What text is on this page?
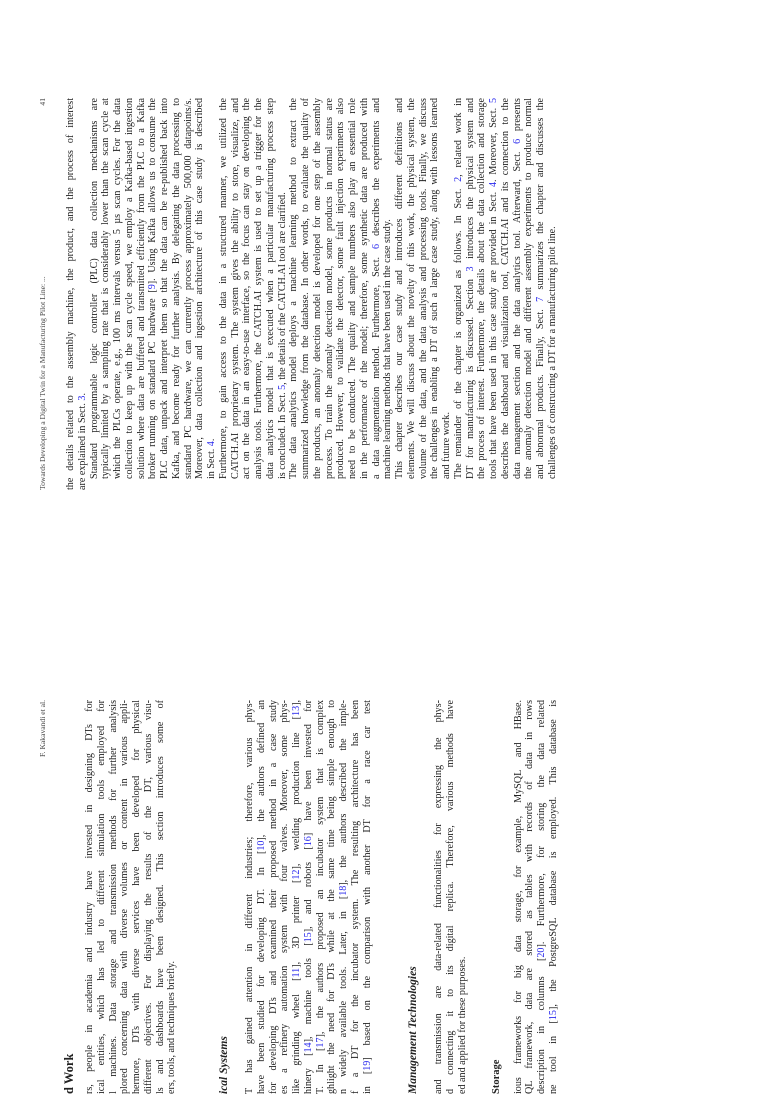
F. Kakavandi et al.
d Work rs, people in academia and industry have invested in designing DTs for ical entities, which has led to different simulation tools employed for l machines. Data storage and transmission methods for further analysis plored concerning data with diverse volumes or content in various appli- hermore, DTs with diverse services have been developed for physical different objectives. For displaying the results of the DT, various visu- ls and dashboards have been designed. This section introduces some of ers, tools, and techniques briefly.	ical Systems T has gained attention in different industries; therefore, various phys- have been studied for developing DT. In [10], the authors defined an for developing DTs and examined their proposed method in a case study es a refinery automation system with four valves. Moreover, some phys- like grinding wheel [11], 3D printer [12], welding production line [13],
hinery [14], machine tools [15], and robots [16] have been invested for
T. In [17], the authors proposed an incubator system that is complex ghlight the need for DTs while at the same time being simple enough to n widely available tools. Later, in [18], the authors described the imple- f a DT for the incubator system. The resulting architecture has been in [19] based on the comparison with another DT for a race car test	Management Technologies and transmission are data-related functionalities for expressing the phys- d connecting it to its digital replica. Therefore, various methods have ed and applied for these purposes. Storage ious frameworks for big data storage, for example, MySQL and HBase. QL framework, data are stored as tables with records of data in rows description in columns [20]. Furthermore, for storing the data related
ne tool in [15], the PostgreSQL database is employed. This database is

Towards Developing a Digital Twin for a Manufacturing Pilot Line: ...
41 the details related to the assembly machine, the product, and the process of interest are explained in Sect. 3. Standard programmable logic controller (PLC) data collection mechanisms are typically limited by a sampling rate that is considerably lower than the scan cycle at which the PLCs operate, e.g., 100 ms intervals versus 5 µs scan cycles. For the data collection to keep up with the scan cycle speed, we employ a Kafka-based ingestion solution where data are buffered and transmitted efficiently from the PLC to a Kafka broker running on standard PC hardware [9]. Using Kafka allows us to consume the PLC data, unpack and interpret them so that the data can be re-published back into Kafka, and become ready for further analysis. By delegating the data processing to standard PC hardware, we can currently process approximately 500,000 datapoints/s. Moreover, data collection and ingestion architecture of this case study is described in Sect. 4. Furthermore, to gain access to the data in a structured manner, we utilized the CATCH.AI proprietary system. The system gives the ability to store, visualize, and act on the data in an easy-to-use interface, so the focus can stay on developing the analysis tools. Furthermore, the CATCH.AI system is used to set up a trigger for the data analytics model that is executed when a particular manufacturing process step is concluded. In Sect. 5, the details of the CATCH.AI tool are clarified. The data analytics model deploys a machine learning method to extract the summarized knowledge from the database. In other words, to evaluate the quality of the products, an anomaly detection model is developed for one step of the assembly process. To train the anomaly detection model, some products in normal status are produced. However, to validate the detector, some fault injection experiments also need to be conducted. The quality and sample numbers also play an essential role in the performance of the model; therefore, some synthetic data are produced with a data augmentation method. Furthermore, Sect. 6 describes the experiments and
machine learning methods that have been used in the case study. This chapter describes our case study and introduces different definitions and elements. We will discuss about the novelty of this work, the physical system, the volume of the data, and the data analysis and processing tools. Finally, we discuss the challenges in enabling a DT of such a large case study, along with lessons learned and future work. The remainder of the chapter is organized as follows. In Sect. 2, related work in
DT for manufacturing is discussed. Section 3 introduces the physical system and the process of interest. Furthermore, the details about the data collection and storage tools that have been used in this case study are provided in Sect. 4. Moreover, Sect. 5 describes the dashboard and visualization tool, CATCH.AI and its connection to the data management section and the data analytics tool. Afterward, Sect. 6 presents the anomaly detection model and different assembly experiments to produce normal and abnormal products. Finally, Sect. 7 summarizes the chapter and discusses the
challenges of constructing a DT for a manufacturing pilot line.
